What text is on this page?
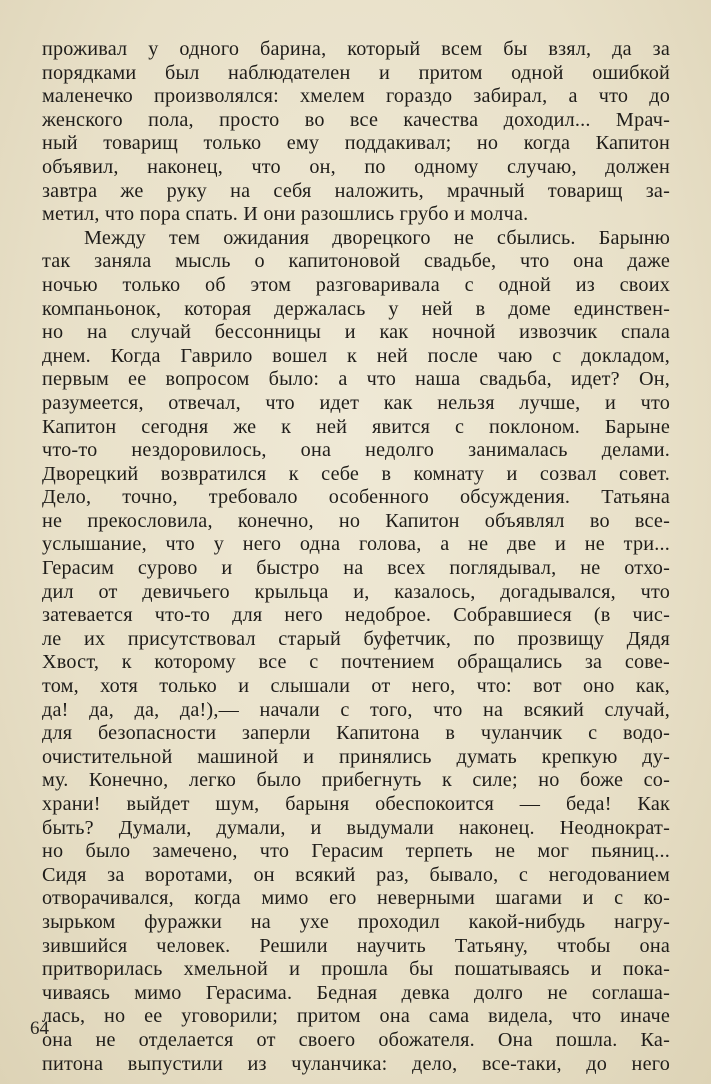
проживал у одного барина, который всем бы взял, да за
порядками был наблюдателен и притом одной ошибкой
маленечко произволялся: хмелем гораздо забирал, а что до
женского пола, просто во все качества доходил... Мрач-
ный товарищ только ему поддакивал; но когда Капитон
объявил, наконец, что он, по одному случаю, должен
завтра же руку на себя наложить, мрачный товарищ за-
метил, что пора спать. И они разошлись грубо и молча.
Между тем ожидания дворецкого не сбылись. Барыню
так заняла мысль о капитоновой свадьбе, что она даже
ночью только об этом разговаривала с одной из своих
компаньонок, которая держалась у ней в доме единствен-
но на случай бессонницы и как ночной извозчик спала
днем. Когда Гаврило вошел к ней после чаю с докладом,
первым ее вопросом было: а что наша свадьба, идет? Он,
разумеется, отвечал, что идет как нельзя лучше, и что
Капитон сегодня же к ней явится с поклоном. Барыне
что-то нездоровилось, она недолго занималась делами.
Дворецкий возвратился к себе в комнату и созвал совет.
Дело, точно, требовало особенного обсуждения. Татьяна
не прекословила, конечно, но Капитон объявлял во все-
услышание, что у него одна голова, а не две и не три...
Герасим сурово и быстро на всех поглядывал, не отхо-
дил от девичьего крыльца и, казалось, догадывался, что
затевается что-то для него недоброе. Собравшиеся (в чис-
ле их присутствовал старый буфетчик, по прозвищу Дядя
Хвост, к которому все с почтением обращались за сове-
том, хотя только и слышали от него, что: вот оно как,
да! да, да, да!),— начали с того, что на всякий случай,
для безопасности заперли Капитона в чуланчик с водо-
очистительной машиной и принялись думать крепкую ду-
му. Конечно, легко было прибегнуть к силе; но боже со-
храни! выйдет шум, барыня обеспокоится — беда! Как
быть? Думали, думали, и выдумали наконец. Неоднократ-
но было замечено, что Герасим терпеть не мог пьяниц...
Сидя за воротами, он всякий раз, бывало, с негодованием
отворачивался, когда мимо его неверными шагами и с ко-
зырьком фуражки на ухе проходил какой-нибудь нагру-
зившийся человек. Решили научить Татьяну, чтобы она
притворилась хмельной и прошла бы пошатываясь и пока-
чиваясь мимо Герасима. Бедная девка долго не соглаша-
лась, но ее уговорили; притом она сама видела, что иначе
она не отделается от своего обожателя. Она пошла. Ка-
питона выпустили из чуланчика: дело, все-таки, до него
64
